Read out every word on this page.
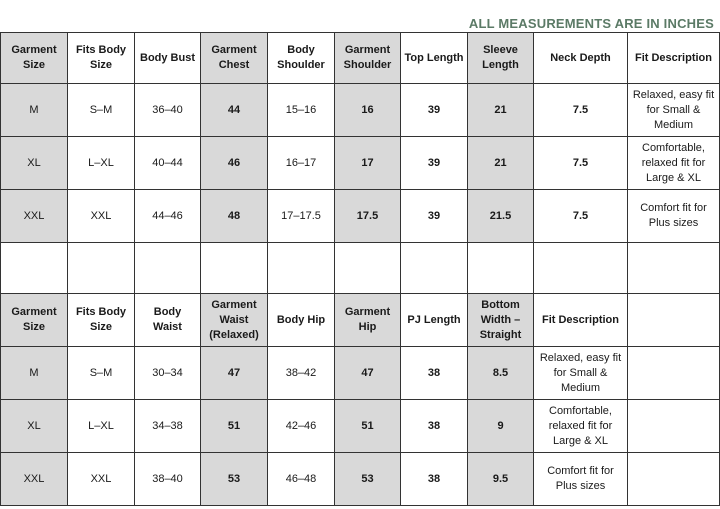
ALL MEASUREMENTS ARE IN INCHES
Garment Size	Fits Body Size	Body Bust	Garment Chest	Body Shoulder	Garment Shoulder	Top Length	Sleeve Length	Neck Depth	Fit Description
M	S–M	36–40	44	15–16	16	39	21	7.5	Relaxed, easy fit for Small & Medium
XL	L–XL	40–44	46	16–17	17	39	21	7.5	Comfortable, relaxed fit for Large & XL
XXL	XXL	44–46	48	17–17.5	17.5	39	21.5	7.5	Comfort fit for Plus sizes

Garment Size	Fits Body Size	Body Waist	Garment Waist (Relaxed)	Body Hip	Garment Hip	PJ Length	Bottom Width – Straight	Fit Description	
M	S–M	30–34	47	38–42	47	38	8.5	Relaxed, easy fit for Small & Medium	
XL	L–XL	34–38	51	42–46	51	38	9	Comfortable, relaxed fit for Large & XL	
XXL	XXL	38–40	53	46–48	53	38	9.5	Comfort fit for Plus sizes	
